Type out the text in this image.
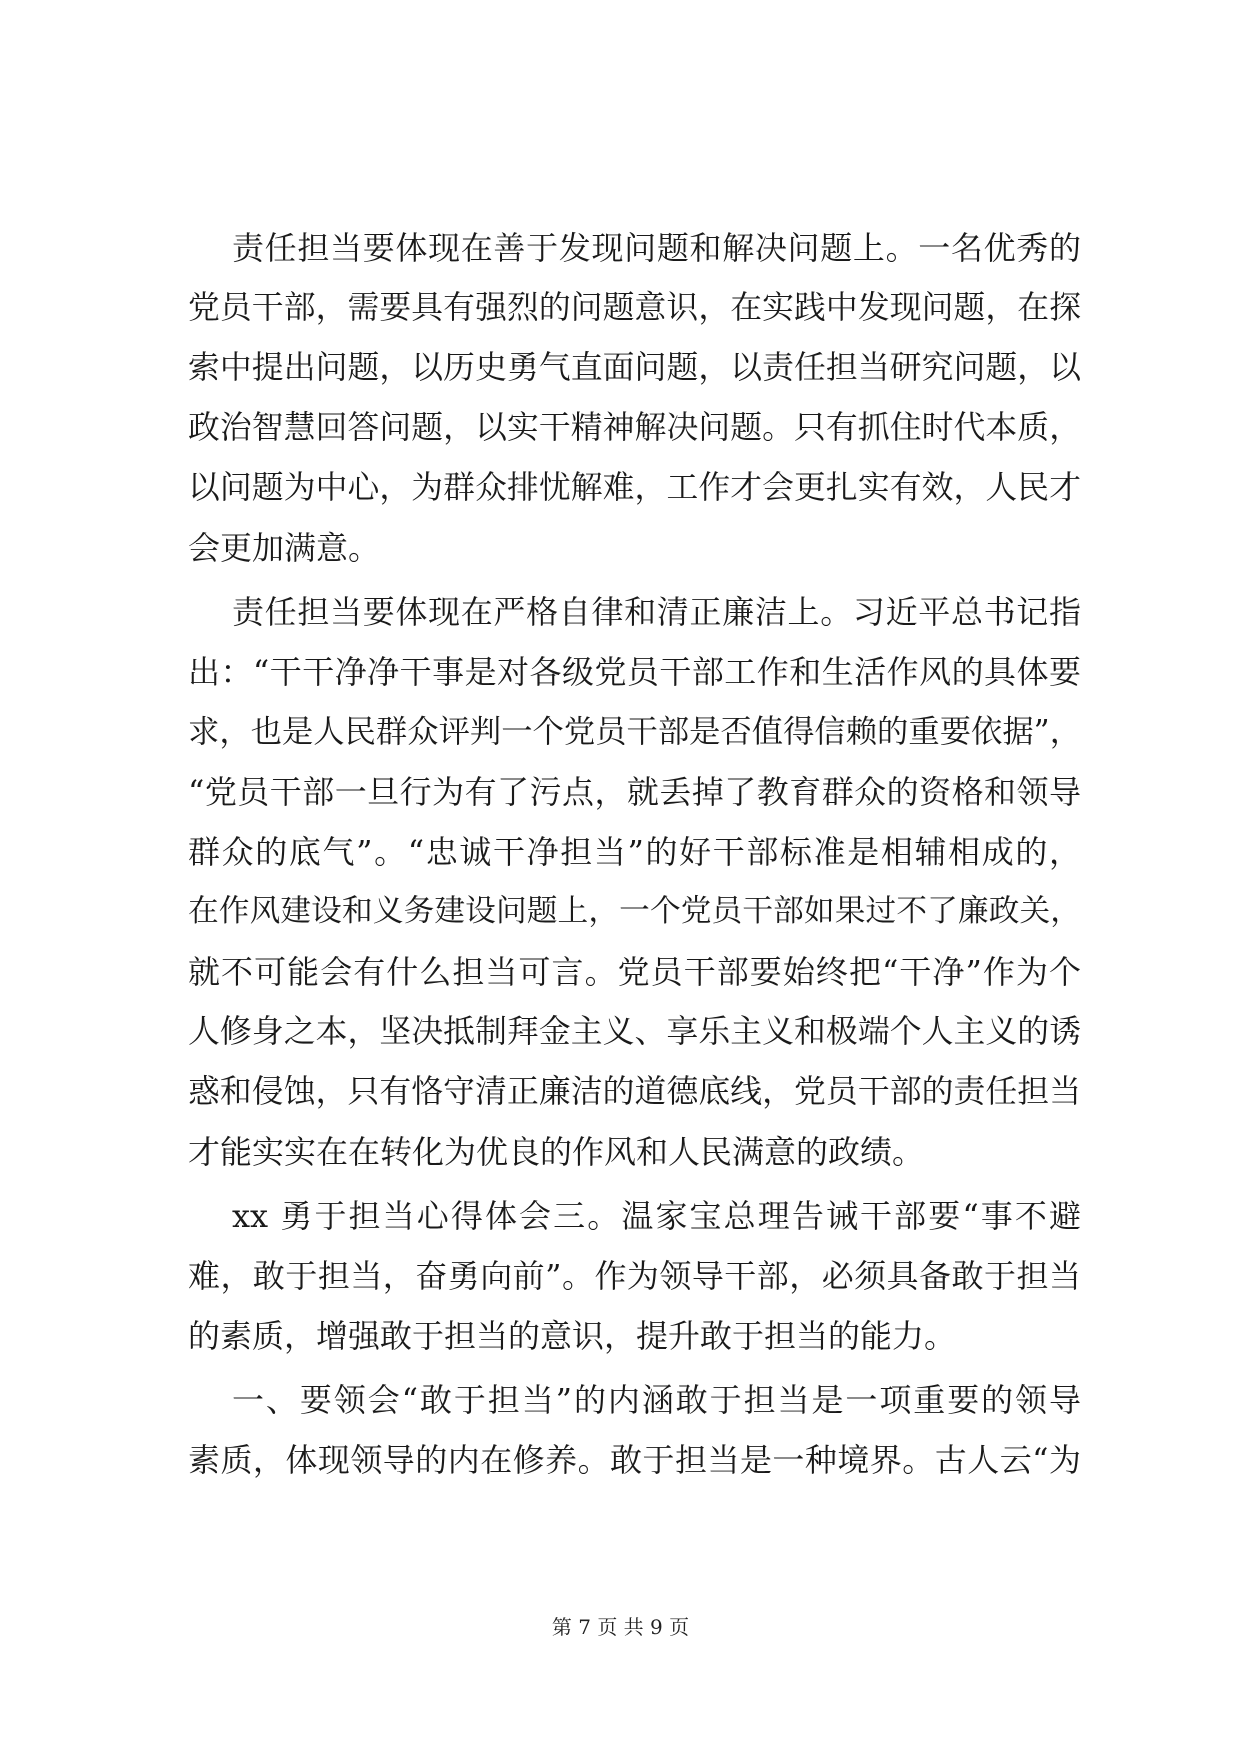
责任担当要体现在善于发现问题和解决问题上。一名优秀的
党员干部，需要具有强烈的问题意识，在实践中发现问题，在探
索中提出问题，以历史勇气直面问题，以责任担当研究问题，以
政治智慧回答问题，以实干精神解决问题。只有抓住时代本质，
以问题为中心，为群众排忧解难，工作才会更扎实有效，人民才
会更加满意。
责任担当要体现在严格自律和清正廉洁上。习近平总书记指
出：“干干净净干事是对各级党员干部工作和生活作风的具体要
求，也是人民群众评判一个党员干部是否值得信赖的重要依据”，
“党员干部一旦行为有了污点，就丢掉了教育群众的资格和领导
群众的底气”。“忠诚干净担当”的好干部标准是相辅相成的，
在作风建设和义务建设问题上，一个党员干部如果过不了廉政关，
就不可能会有什么担当可言。党员干部要始终把“干净”作为个
人修身之本，坚决抵制拜金主义、享乐主义和极端个人主义的诱
惑和侵蚀，只有恪守清正廉洁的道德底线，党员干部的责任担当
才能实实在在转化为优良的作风和人民满意的政绩。
xx 勇于担当心得体会三。温家宝总理告诫干部要“事不避
难，敢于担当，奋勇向前”。作为领导干部，必须具备敢于担当
的素质，增强敢于担当的意识，提升敢于担当的能力。
一、要领会“敢于担当”的内涵敢于担当是一项重要的领导
素质，体现领导的内在修养。敢于担当是一种境界。古人云“为
第 7 页 共 9 页
